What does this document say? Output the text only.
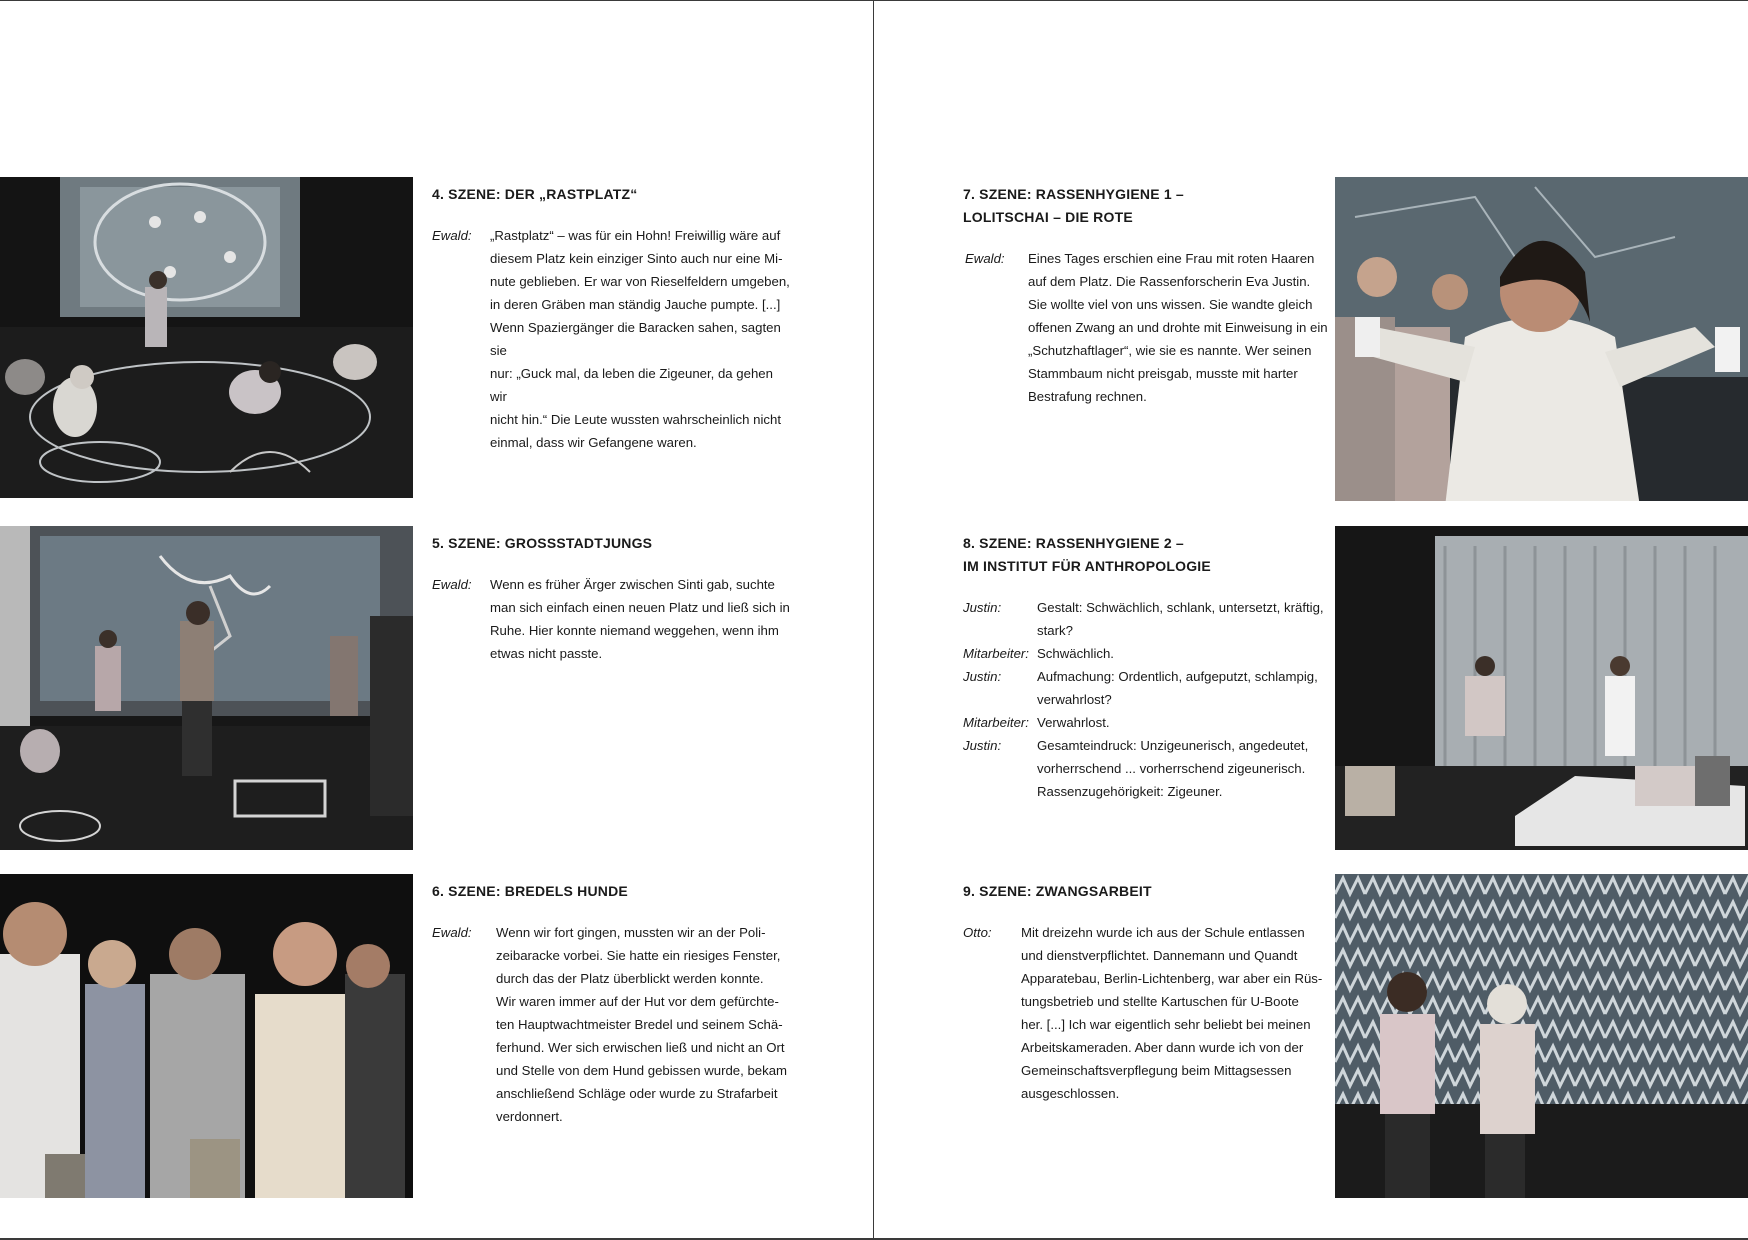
4. SZENE: DER „RASTPLATZ“
Ewald:	„Rastplatz“ – was für ein Hohn! Freiwillig wäre auf
diesem Platz kein einziger Sinto auch nur eine Mi-
nute geblieben. Er war von Rieselfeldern umgeben,
in deren Gräben man ständig Jauche pumpte. [...]
Wenn Spaziergänger die Baracken sahen, sagten sie
nur: „Guck mal, da leben die Zigeuner, da gehen wir
nicht hin.“ Die Leute wussten wahrscheinlich nicht
einmal, dass wir Gefangene waren.
5. SZENE: GROSSSTADTJUNGS
Ewald:	Wenn es früher Ärger zwischen Sinti gab, suchte
man sich einfach einen neuen Platz und ließ sich in
Ruhe. Hier konnte niemand weggehen, wenn ihm
etwas nicht passte.
6. SZENE: BREDELS HUNDE
Ewald:	Wenn wir fort gingen, mussten wir an der Poli-
zeibaracke vorbei. Sie hatte ein riesiges Fenster,
durch das der Platz überblickt werden konnte.
Wir waren immer auf der Hut vor dem gefürchte-
ten Hauptwachtmeister Bredel und seinem Schä-
ferhund. Wer sich erwischen ließ und nicht an Ort
und Stelle von dem Hund gebissen wurde, bekam
anschließend Schläge oder wurde zu Strafarbeit
verdonnert.
7. SZENE: RASSENHYGIENE 1 –
LOLITSCHAI – DIE ROTE
Ewald:	Eines Tages erschien eine Frau mit roten Haaren
auf dem Platz. Die Rassenforscherin Eva Justin.
Sie wollte viel von uns wissen. Sie wandte gleich
offenen Zwang an und drohte mit Einweisung in ein
„Schutzhaftlager“, wie sie es nannte. Wer seinen
Stammbaum nicht preisgab, musste mit harter
Bestrafung rechnen.
8. SZENE: RASSENHYGIENE 2 –
IM INSTITUT FÜR ANTHROPOLOGIE
Justin:	Gestalt: Schwächlich, schlank, untersetzt, kräftig,
stark?
Mitarbeiter: Schwächlich.
Justin:	Aufmachung: Ordentlich, aufgeputzt, schlampig,
verwahrlost?
Mitarbeiter: Verwahrlost.
Justin:	Gesamteindruck: Unzigeunerisch, angedeutet,
vorherrschend ... vorherrschend zigeunerisch.
Rassenzugehörigkeit: Zigeuner.
9. SZENE: ZWANGSARBEIT
Otto:	Mit dreizehn wurde ich aus der Schule entlassen
und dienstverpflichtet. Dannemann und Quandt
Apparatebau, Berlin-Lichtenberg, war aber ein Rüs-
tungsbetrieb und stellte Kartuschen für U-Boote
her. [...] Ich war eigentlich sehr beliebt bei meinen
Arbeitskameraden. Aber dann wurde ich von der
Gemeinschaftsverpflegung beim Mittagsessen
ausgeschlossen.
